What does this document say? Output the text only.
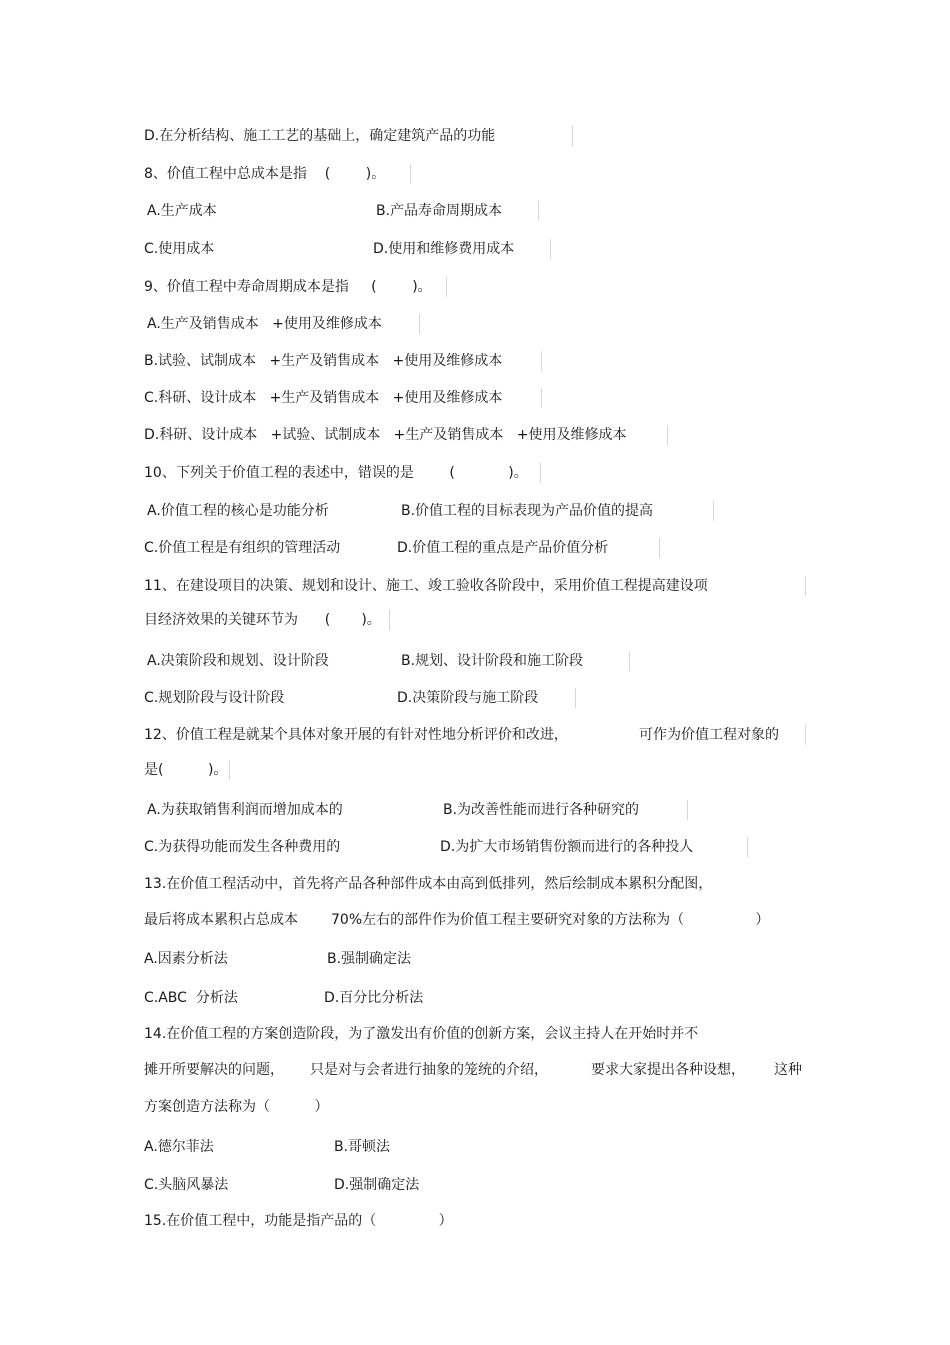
D.在分析结构、施工工艺的基础上，确定建筑产品的功能
8、价值工程中总成本是指    (        )。
A.生产成本	B.产品寿命周期成本
C.使用成本	D.使用和维修费用成本
9、价值工程中寿命周期成本是指     (        )。
A.生产及销售成本   +使用及维修成本
B.试验、试制成本   +生产及销售成本   +使用及维修成本
C.科研、设计成本   +生产及销售成本   +使用及维修成本
D.科研、设计成本   +试验、试制成本   +生产及销售成本   +使用及维修成本
10、下列关于价值工程的表述中，错误的是        (            )。
A.价值工程的核心是功能分析	B.价值工程的目标表现为产品价值的提高
C.价值工程是有组织的管理活动	D.价值工程的重点是产品价值分析
11、在建设项目的决策、规划和设计、施工、竣工验收各阶段中，采用价值工程提高建设项
目经济效果的关键环节为      (       )。
A.决策阶段和规划、设计阶段	B.规划、设计阶段和施工阶段
C.规划阶段与设计阶段	D.决策阶段与施工阶段
12、价值工程是就某个具体对象开展的有针对性地分析评价和改进，	可作为价值工程对象的
是(          )。
A.为获取销售利润而增加成本的	B.为改善性能而进行各种研究的
C.为获得功能而发生各种费用的	D.为扩大市场销售份额而进行的各种投人
13.在价值工程活动中，首先将产品各种部件成本由高到低排列，然后绘制成本累积分配图，
最后将成本累积占总成本 70%左右的部件作为价值工程主要研究对象的方法称为（                ）
A.因素分析法	B.强制确定法
C.ABC  分析法	D.百分比分析法
14.在价值工程的方案创造阶段，为了激发出有价值的创新方案，会议主持人在开始时并不
摊开所要解决的问题， 只是对与会者进行抽象的笼统的介绍，	要求大家提出各种设想， 这种
方案创造方法称为（          ）
A.德尔菲法	B.哥顿法
C.头脑风暴法	D.强制确定法
15.在价值工程中，功能是指产品的（              ）
